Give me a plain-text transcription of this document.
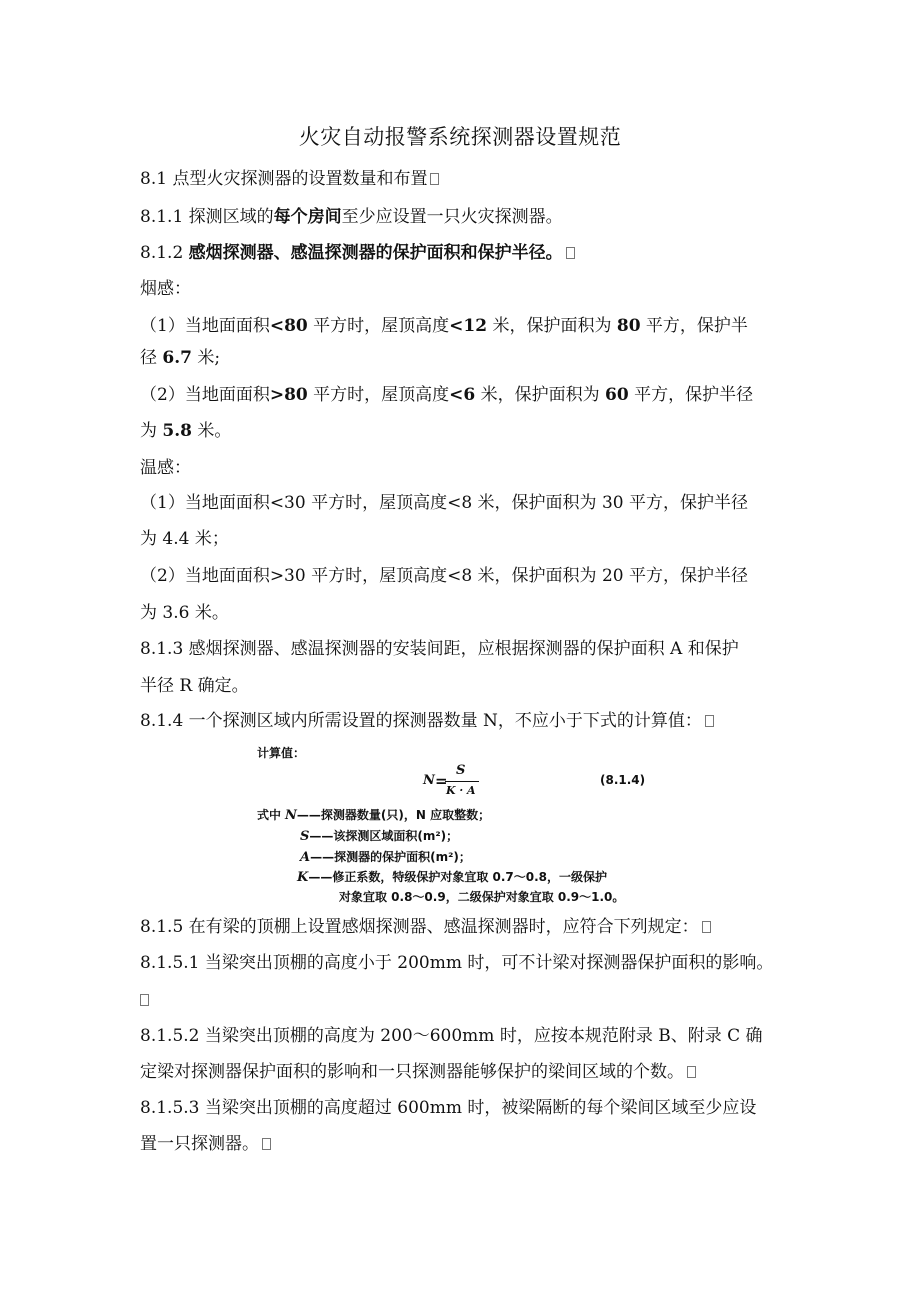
火灾自动报警系统探测器设置规范
8.1 点型火灾探测器的设置数量和布置
8.1.1 探测区域的每个房间至少应设置一只火灾探测器。
8.1.2 感烟探测器、感温探测器的保护面积和保护半径。
烟感：
（1）当地面面积<80 平方时，屋顶高度<12 米，保护面积为 80 平方，保护半
径 6.7 米;
（2）当地面面积>80 平方时，屋顶高度<6 米，保护面积为 60 平方，保护半径
为 5.8 米。
温感：
（1）当地面面积<30 平方时，屋顶高度<8 米，保护面积为 30 平方，保护半径
为 4.4 米；
（2）当地面面积>30 平方时，屋顶高度<8 米，保护面积为 20 平方，保护半径
为 3.6 米。
8.1.3 感烟探测器、感温探测器的安装间距，应根据探测器的保护面积 A 和保护
半径 R 确定。
8.1.4 一个探测区域内所需设置的探测器数量 N，不应小于下式的计算值：
计算值：
N =
S
K · A
(8.1.4)
式中 N——探测器数量(只)，N 应取整数；
S——该探测区域面积(m²)；
A——探测器的保护面积(m²)；
K——修正系数，特级保护对象宜取 0.7～0.8，一级保护
对象宜取 0.8～0.9，二级保护对象宜取 0.9～1.0。
8.1.5 在有梁的顶棚上设置感烟探测器、感温探测器时，应符合下列规定：
8.1.5.1 当梁突出顶棚的高度小于 200mm 时，可不计梁对探测器保护面积的影响。
8.1.5.2 当梁突出顶棚的高度为 200～600mm 时，应按本规范附录 B、附录 C 确
定梁对探测器保护面积的影响和一只探测器能够保护的梁间区域的个数。
8.1.5.3 当梁突出顶棚的高度超过 600mm 时，被梁隔断的每个梁间区域至少应设
置一只探测器。
